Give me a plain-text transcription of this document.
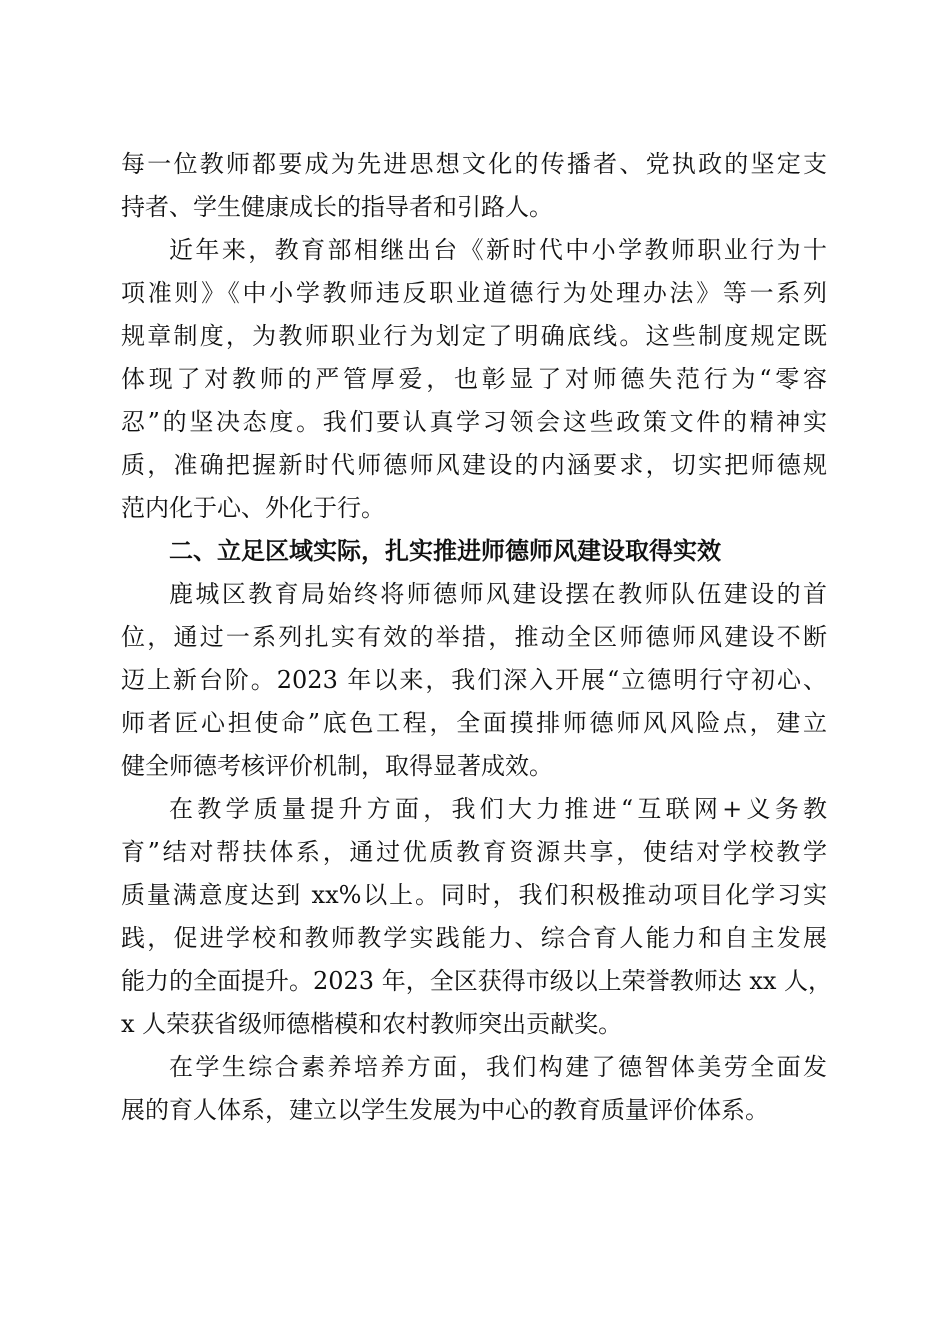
每一位教师都要成为先进思想文化的传播者、党执政的坚定支
持者、学生健康成长的指导者和引路人。
近年来，教育部相继出台《新时代中小学教师职业行为十
项准则》《中小学教师违反职业道德行为处理办法》等一系列
规章制度，为教师职业行为划定了明确底线。这些制度规定既
体现了对教师的严管厚爱，也彰显了对师德失范行为“零容
忍”的坚决态度。我们要认真学习领会这些政策文件的精神实
质，准确把握新时代师德师风建设的内涵要求，切实把师德规
范内化于心、外化于行。
二、立足区域实际，扎实推进师德师风建设取得实效
鹿城区教育局始终将师德师风建设摆在教师队伍建设的首
位，通过一系列扎实有效的举措，推动全区师德师风建设不断
迈上新台阶。2023 年以来，我们深入开展“立德明行守初心、
师者匠心担使命”底色工程，全面摸排师德师风风险点，建立
健全师德考核评价机制，取得显著成效。
在教学质量提升方面，我们大力推进“互联网+义务教
育”结对帮扶体系，通过优质教育资源共享，使结对学校教学
质量满意度达到 xx%以上。同时，我们积极推动项目化学习实
践，促进学校和教师教学实践能力、综合育人能力和自主发展
能力的全面提升。2023 年，全区获得市级以上荣誉教师达 xx 人，
x 人荣获省级师德楷模和农村教师突出贡献奖。
在学生综合素养培养方面，我们构建了德智体美劳全面发
展的育人体系，建立以学生发展为中心的教育质量评价体系。
